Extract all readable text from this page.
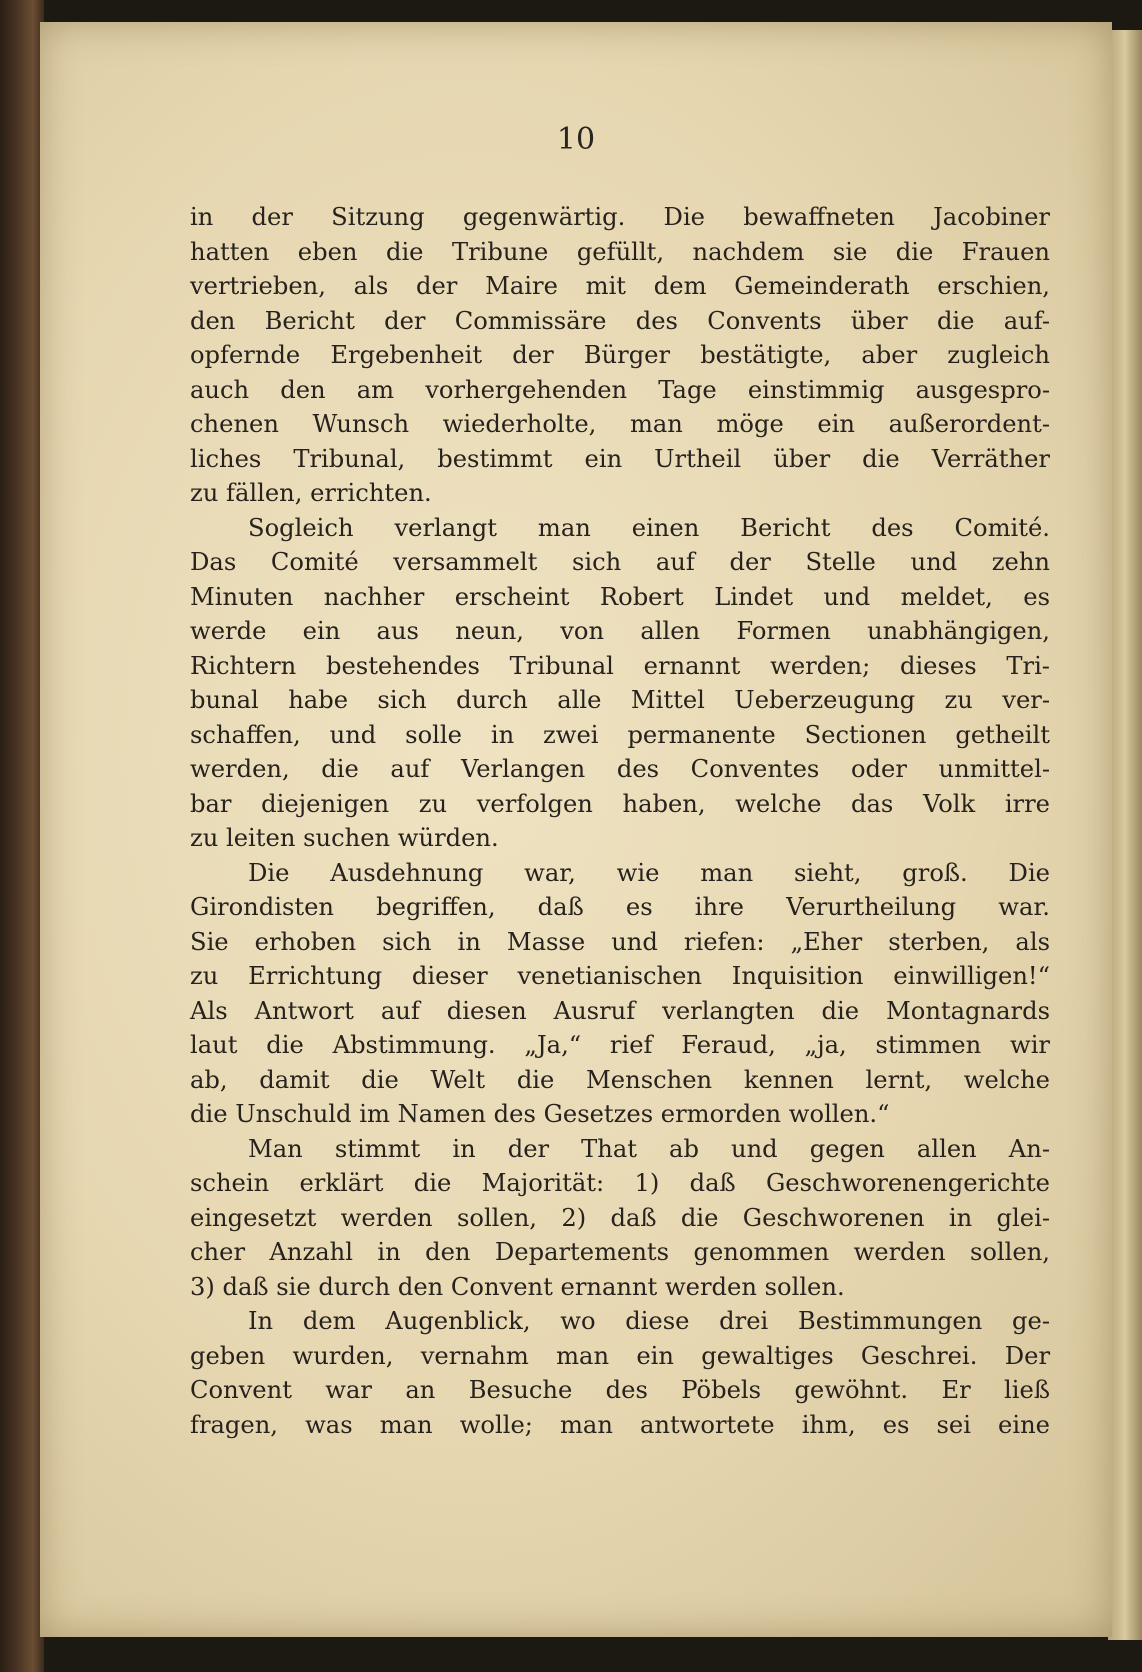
10
in der Sitzung gegenwärtig. Die bewaffneten Jacobiner
hatten eben die Tribune gefüllt, nachdem sie die Frauen
vertrieben, als der Maire mit dem Gemeinderath erschien,
den Bericht der Commissäre des Convents über die auf-
opfernde Ergebenheit der Bürger bestätigte, aber zugleich
auch den am vorhergehenden Tage einstimmig ausgespro-
chenen Wunsch wiederholte, man möge ein außerordent-
liches Tribunal, bestimmt ein Urtheil über die Verräther
zu fällen, errichten.
Sogleich verlangt man einen Bericht des Comité.
Das Comité versammelt sich auf der Stelle und zehn
Minuten nachher erscheint Robert Lindet und meldet, es
werde ein aus neun, von allen Formen unabhängigen,
Richtern bestehendes Tribunal ernannt werden; dieses Tri-
bunal habe sich durch alle Mittel Ueberzeugung zu ver-
schaffen, und solle in zwei permanente Sectionen getheilt
werden, die auf Verlangen des Conventes oder unmittel-
bar diejenigen zu verfolgen haben, welche das Volk irre
zu leiten suchen würden.
Die Ausdehnung war, wie man sieht, groß. Die
Girondisten begriffen, daß es ihre Verurtheilung war.
Sie erhoben sich in Masse und riefen: „Eher sterben, als
zu Errichtung dieser venetianischen Inquisition einwilligen!“
Als Antwort auf diesen Ausruf verlangten die Montagnards
laut die Abstimmung. „Ja,“ rief Feraud, „ja, stimmen wir
ab, damit die Welt die Menschen kennen lernt, welche
die Unschuld im Namen des Gesetzes ermorden wollen.“
Man stimmt in der That ab und gegen allen An-
schein erklärt die Majorität: 1) daß Geschworenengerichte
eingesetzt werden sollen, 2) daß die Geschworenen in glei-
cher Anzahl in den Departements genommen werden sollen,
3) daß sie durch den Convent ernannt werden sollen.
In dem Augenblick, wo diese drei Bestimmungen ge-
geben wurden, vernahm man ein gewaltiges Geschrei. Der
Convent war an Besuche des Pöbels gewöhnt. Er ließ
fragen, was man wolle; man antwortete ihm, es sei eine
